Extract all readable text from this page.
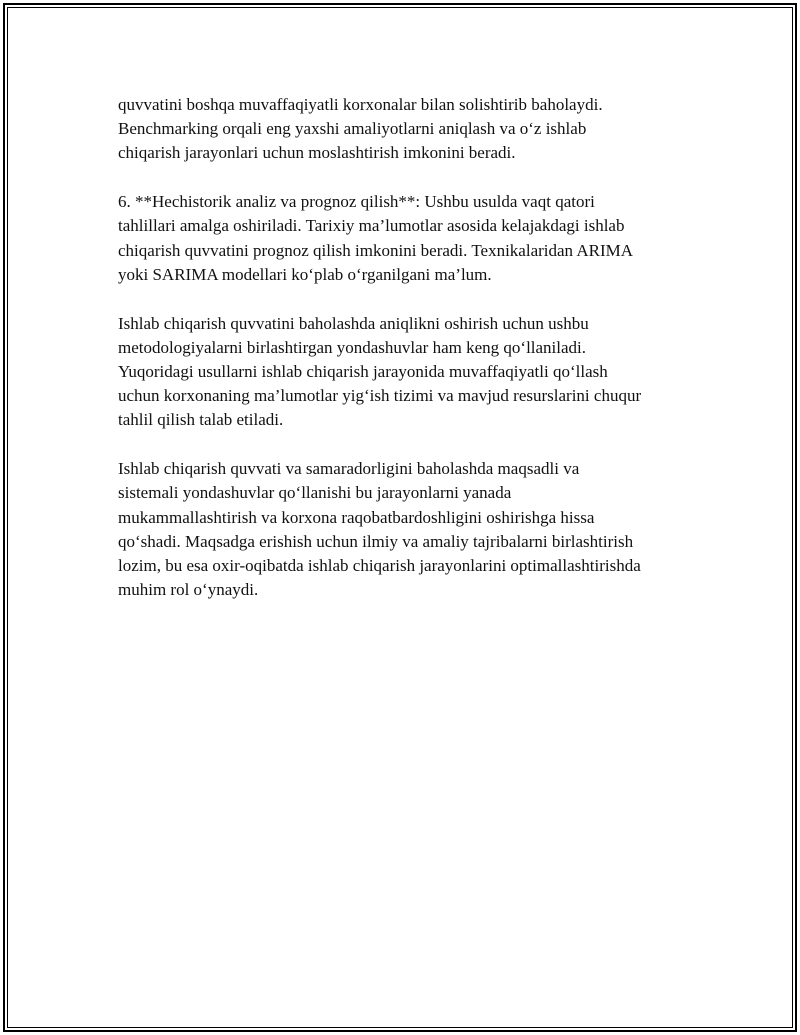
quvvatini boshqa muvaffaqiyatli korxonalar bilan solishtirib baholaydi.
Benchmarking orqali eng yaxshi amaliyotlarni aniqlash va o‘z ishlab
chiqarish jarayonlari uchun moslashtirish imkonini beradi.

6. **Hechistorik analiz va prognoz qilish**: Ushbu usulda vaqt qatori
tahlillari amalga oshiriladi. Tarixiy ma’lumotlar asosida kelajakdagi ishlab
chiqarish quvvatini prognoz qilish imkonini beradi. Texnikalaridan ARIMA
yoki SARIMA modellari ko‘plab o‘rganilgani ma’lum.

Ishlab chiqarish quvvatini baholashda aniqlikni oshirish uchun ushbu
metodologiyalarni birlashtirgan yondashuvlar ham keng qo‘llaniladi.
Yuqoridagi usullarni ishlab chiqarish jarayonida muvaffaqiyatli qo‘llash
uchun korxonaning ma’lumotlar yig‘ish tizimi va mavjud resurslarini chuqur
tahlil qilish talab etiladi.

Ishlab chiqarish quvvati va samaradorligini baholashda maqsadli va
sistemali yondashuvlar qo‘llanishi bu jarayonlarni yanada
mukammallashtirish va korxona raqobatbardoshligini oshirishga hissa
qo‘shadi. Maqsadga erishish uchun ilmiy va amaliy tajribalarni birlashtirish
lozim, bu esa oxir-oqibatda ishlab chiqarish jarayonlarini optimallashtirishda
muhim rol o‘ynaydi.
